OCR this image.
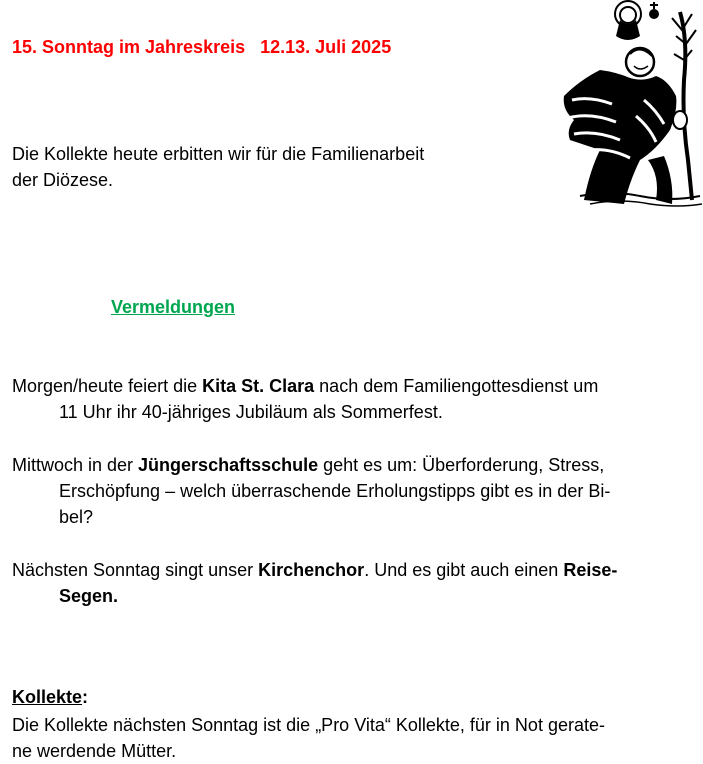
15. Sonntag im Jahreskreis   12.13. Juli 2025
Die Kollekte heute erbitten wir für die Familienarbeit
der Diözese.
Vermeldungen
Morgen/heute feiert die Kita St. Clara nach dem Familiengottesdienst um
11 Uhr ihr 40-jähriges Jubiläum als Sommerfest.
Mittwoch in der Jüngerschaftsschule geht es um: Überforderung, Stress,
Erschöpfung – welch überraschende Erholungstipps gibt es in der Bi-
bel?
Nächsten Sonntag singt unser Kirchenchor. Und es gibt auch einen Reise-
Segen.
Kollekte:
Die Kollekte nächsten Sonntag ist die „Pro Vita“ Kollekte, für in Not gerate-
ne werdende Mütter.
